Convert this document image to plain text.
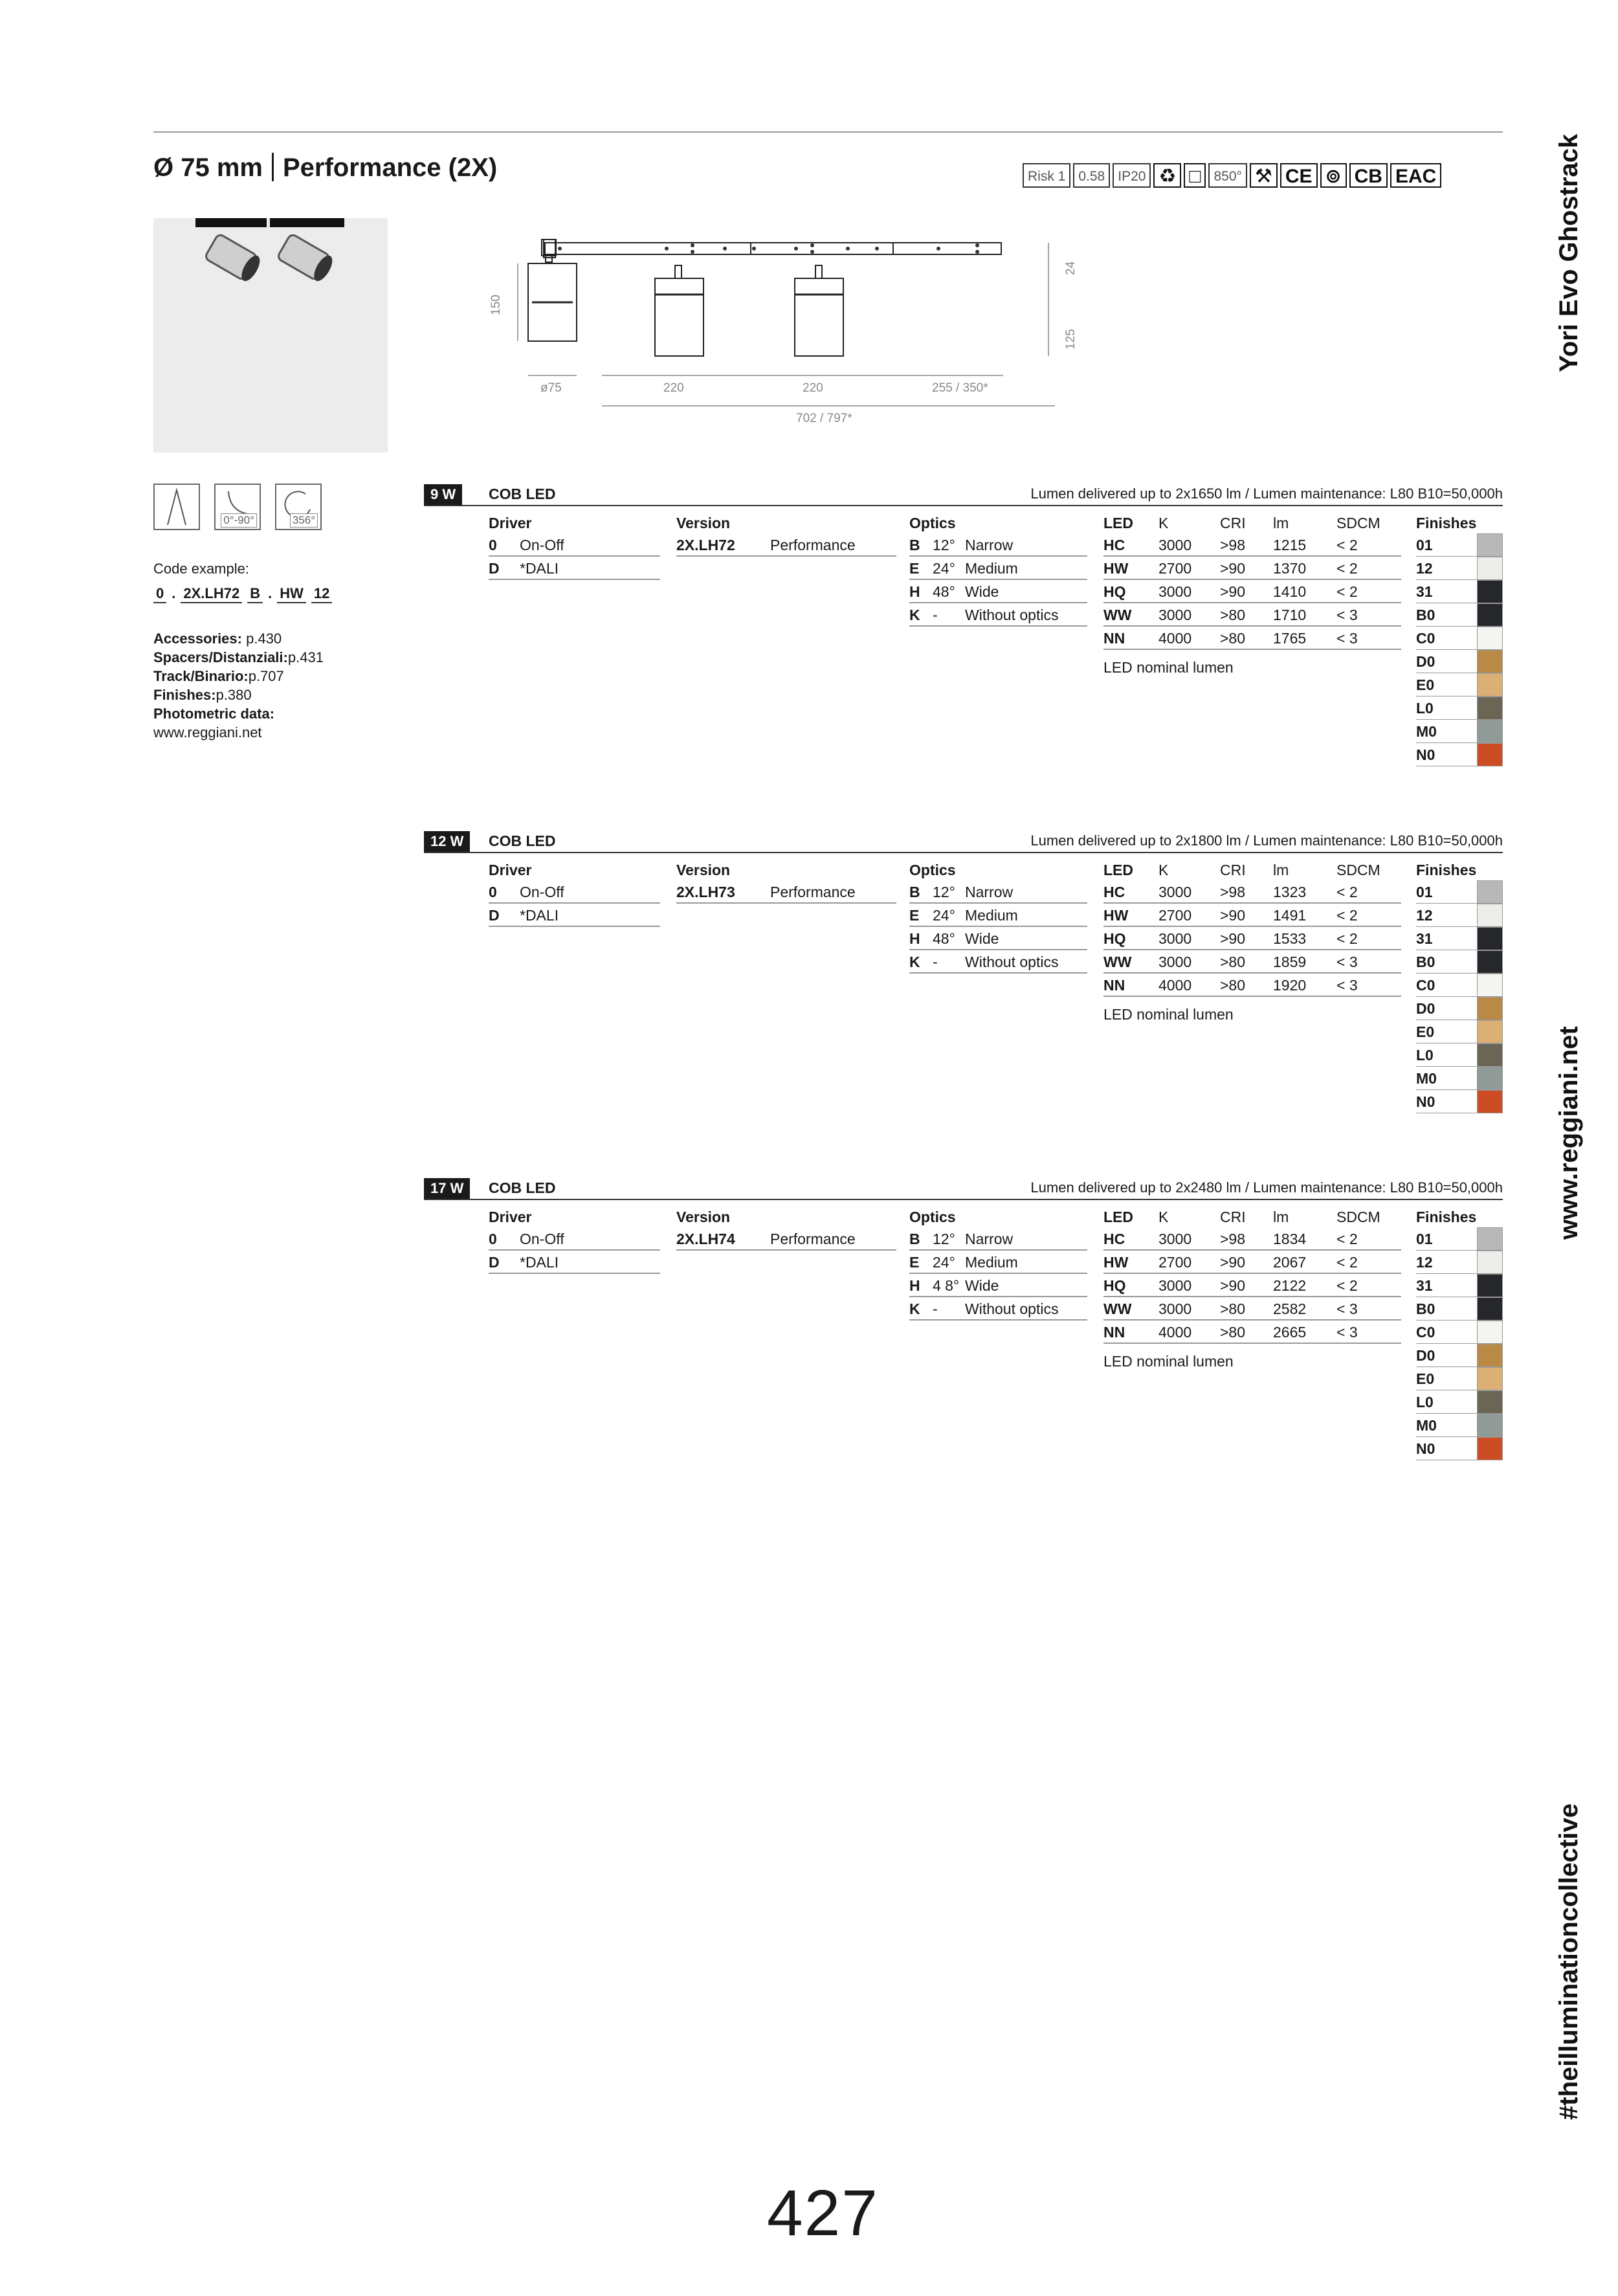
Ø 75 mm Performance (2X)	Risk 1 0.58 IP20 ♻ □ 850° ⚒ CE ⊚ CB EAC	Yori Evo Ghostrack
www.reggiani.net
#theilluminationcollective
150
ø75	220	220	255 / 350*
702 / 797*
24
125
0°-90°	356°
Code example:
0 . 2X.LH72 B . HW 12
Accessories: p.430
Spacers/Distanziali:p.431
Track/Binario:p.707
Finishes:p.380
Photometric data:
www.reggiani.net
9 W	COB LED	Lumen delivered up to 2x1650 lm / Lumen maintenance: L80 B10=50,000h
Driver
0	On-Off
D	*DALI
Version
2X.LH72	Performance
Optics
B 12° Narrow
E 24° Medium
H 48° Wide
K -	Without optics
LED	K	CRI	lm	SDCM
HC	3000	>98	1215	< 2
HW	2700	>90	1370	< 2
HQ	3000	>90	1410	< 2
WW	3000	>80	1710	< 3
NN	4000	>80	1765	< 3
LED nominal lumen
Finishes
01
12
31
B0
C0
D0
E0
L0
M0
N0
12 W	COB LED	Lumen delivered up to 2x1800 lm / Lumen maintenance: L80 B10=50,000h
Driver
0	On-Off
D	*DALI
Version
2X.LH73	Performance
Optics
B 12° Narrow
E 24° Medium
H 48° Wide
K -	Without optics
LED	K	CRI	lm	SDCM
HC	3000	>98	1323	< 2
HW	2700	>90	1491	< 2
HQ	3000	>90	1533	< 2
WW	3000	>80	1859	< 3
NN	4000	>80	1920	< 3
LED nominal lumen
Finishes
01
12
31
B0
C0
D0
E0
L0
M0
N0
17 W	COB LED	Lumen delivered up to 2x2480 lm / Lumen maintenance: L80 B10=50,000h
Driver
0	On-Off
D	*DALI
Version
2X.LH74	Performance
Optics
B 12° Narrow
E 24° Medium
H 4 8° Wide
K -	Without optics
LED	K	CRI	lm	SDCM
HC	3000	>98	1834	< 2
HW	2700	>90	2067	< 2
HQ	3000	>90	2122	< 2
WW	3000	>80	2582	< 3
NN	4000	>80	2665	< 3
LED nominal lumen
Finishes
01
12
31
B0
C0
D0
E0
L0
M0
N0
427
